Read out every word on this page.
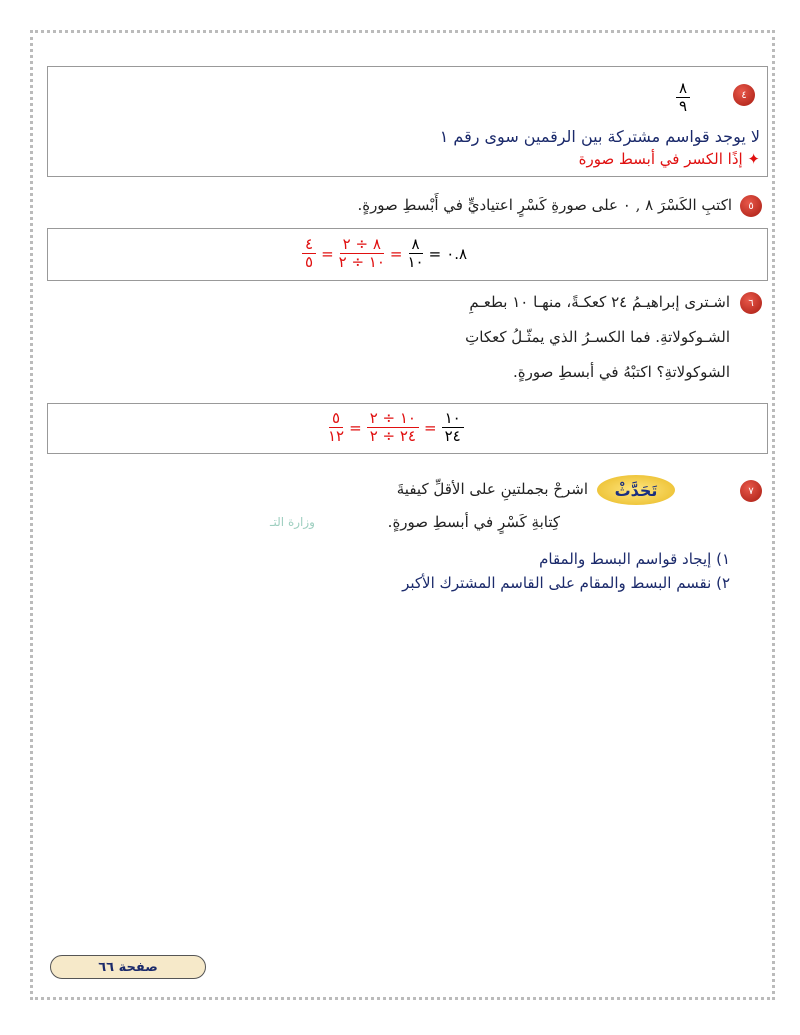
٤
$\frac{٨}{٩}$
لا يوجد قواسم مشتركة بين الرقمين سوى رقم ١
✦ إذًا الكسر في أبسط صورة
٥
اكتبِ الكَسْرَ ٨ , ٠ على صورةِ كَسْرٍ اعتياديٍّ في أَبْسطِ صورةٍ.
$\frac{٤}{٥} = \frac{٢ \div ٨}{٢ \div ١٠} = \frac{٨}{١٠}$ = ٠.٨
٦
اشـترى إبراهيـمُ ٢٤ كعكـةً، منهـا ١٠ بطعـمِ
الشـوكولاتةِ. فما الكسـرُ الذي يمثّـلُ كعكاتِ
الشوكولاتةِ؟ اكتبْهُ في أبسطِ صورةٍ.
$\frac{٥}{١٢} = \frac{٢ \div ١٠}{٢ \div ٢٤} = \frac{١٠}{٢٤}$
٧
تَحَدَّثْ
اشرحْ بجملتينِ على الأقلِّ كيفيةَ
كِتابةِ كَسْرٍ في أبسطِ صورةٍ.
وزارة التـ
١) إيجاد قواسم البسط والمقام
٢) نقسم البسط والمقام على القاسم المشترك الأكبر
صفحة ٦٦
